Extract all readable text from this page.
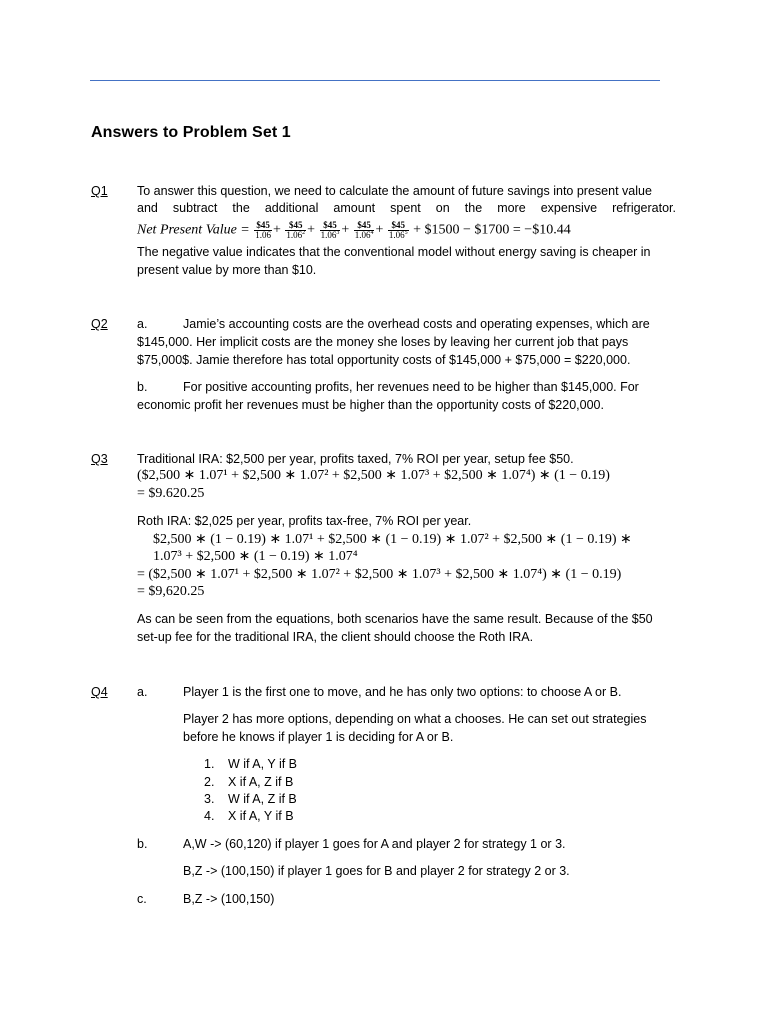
Answers to Problem Set 1
Q1 To answer this question, we need to calculate the amount of future savings into present value
and subtract the additional amount spent on the more expensive refrigerator.
Net Present Value = $\frac{\$45}{1.06} + \frac{\$45}{1.06^2} + \frac{\$45}{1.06^3} + \frac{\$45}{1.06^4} + \frac{\$45}{1.06^5}$ + $1500 − $1700 = −$10.44
The negative value indicates that the conventional model without energy saving is cheaper in
present value by more than $10.
Q2 a.	Jamie’s accounting costs are the overhead costs and operating expenses, which are
$145,000. Her implicit costs are the money she loses by leaving her current job that pays
$75,000$. Jamie therefore has total opportunity costs of $145,000 + $75,000 = $220,000.
b.	For positive accounting profits, her revenues need to be higher than $145,000. For
economic profit her revenues must be higher than the opportunity costs of $220,000.
Q3 Traditional IRA: $2,500 per year, profits taxed, 7% ROI per year, setup fee $50.
($2,500 ∗ 1.07¹ + $2,500 ∗ 1.07² + $2,500 ∗ 1.07³ + $2,500 ∗ 1.07⁴) ∗ (1 − 0.19)
= $9.620.25
Roth IRA: $2,025 per year, profits tax-free, 7% ROI per year.
$2,500 ∗ (1 − 0.19) ∗ 1.07¹ + $2,500 ∗ (1 − 0.19) ∗ 1.07² + $2,500 ∗ (1 − 0.19) ∗
1.07³ + $2,500 ∗ (1 − 0.19) ∗ 1.07⁴
= ($2,500 ∗ 1.07¹ + $2,500 ∗ 1.07² + $2,500 ∗ 1.07³ + $2,500 ∗ 1.07⁴) ∗ (1 − 0.19)
= $9,620.25
As can be seen from the equations, both scenarios have the same result. Because of the $50
set-up fee for the traditional IRA, the client should choose the Roth IRA.
Q4 a.	Player 1 is the first one to move, and he has only two options: to choose A or B.
Player 2 has more options, depending on what a chooses. He can set out strategies
before he knows if player 1 is deciding for A or B.
1. W if A, Y if B
2. X if A, Z if B
3. W if A, Z if B
4. X if A, Y if B
b.	A,W -> (60,120) if player 1 goes for A and player 2 for strategy 1 or 3.
B,Z -> (100,150) if player 1 goes for B and player 2 for strategy 2 or 3.
c.	B,Z -> (100,150)
